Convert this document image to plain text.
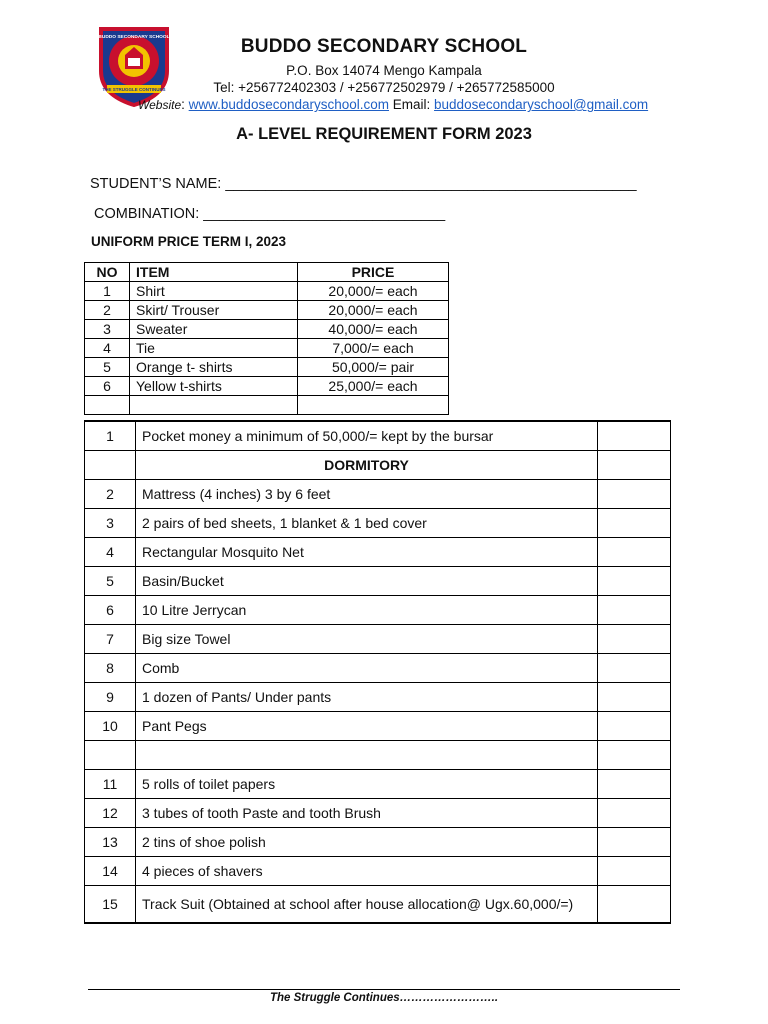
THE STRUGGLE CONTINUES
BUDDO SECONDARY SCHOOL	BUDDO SECONDARY SCHOOL
P.O. Box 14074 Mengo Kampala
Tel: +256772402303 / +256772502979 / +265772585000
Website: www.buddosecondaryschool.com Email: buddosecondaryschool@gmail.com
A- LEVEL REQUIREMENT FORM 2023
STUDENT’S NAME: ___________________________________________________
COMBINATION: ______________________________
UNIFORM PRICE TERM I, 2023
NO	ITEM	PRICE
1	Shirt	20,000/= each
2	Skirt/ Trouser	20,000/= each
3	Sweater	40,000/= each
4	Tie	7,000/= each
5	Orange t- shirts	50,000/= pair
6	Yellow t-shirts	25,000/= each

1	Pocket money a minimum of 50,000/= kept by the bursar	
	DORMITORY	
2	Mattress (4 inches) 3 by 6 feet	
3	2 pairs of bed sheets, 1 blanket & 1 bed cover	
4	Rectangular Mosquito Net	
5	Basin/Bucket	
6	10 Litre Jerrycan	
7	Big size Towel	
8	Comb	
9	1 dozen of Pants/ Under pants	
10	Pant Pegs	

11	5 rolls of toilet papers	
12	3 tubes of tooth Paste and tooth Brush	
13	2 tins of shoe polish	
14	4 pieces of shavers	
15	Track Suit (Obtained at school after house allocation@ Ugx.60,000/=)	
The Struggle Continues……………………..
